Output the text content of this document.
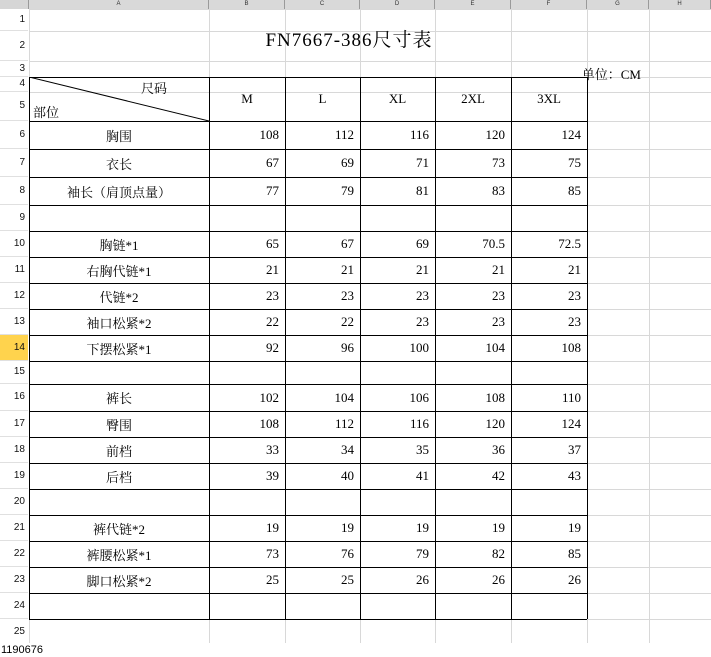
A	B	C	D	E	F	G	H
1
2
3
4
5
6
7
8
9
10
11
12
13
14
15
16
17
18
19
20
21
22
23
24
25
FN7667-386尺寸表
单位：CM
尺码
部位
M	L	XL	2XL	3XL
胸围	108	112	116	120	124
衣长	67	69	71	73	75
袖长（肩顶点量）	77	79	81	83	85
胸链*1	65	67	69	70.5	72.5
右胸代链*1	21	21	21	21	21
代链*2	23	23	23	23	23
袖口松紧*2	22	22	23	23	23
下摆松紧*1	92	96	100	104	108
裤长	102	104	106	108	110
臀围	108	112	116	120	124
前档	33	34	35	36	37
后档	39	40	41	42	43
裤代链*2	19	19	19	19	19
裤腰松紧*1	73	76	79	82	85
脚口松紧*2	25	25	26	26	26
1190676
